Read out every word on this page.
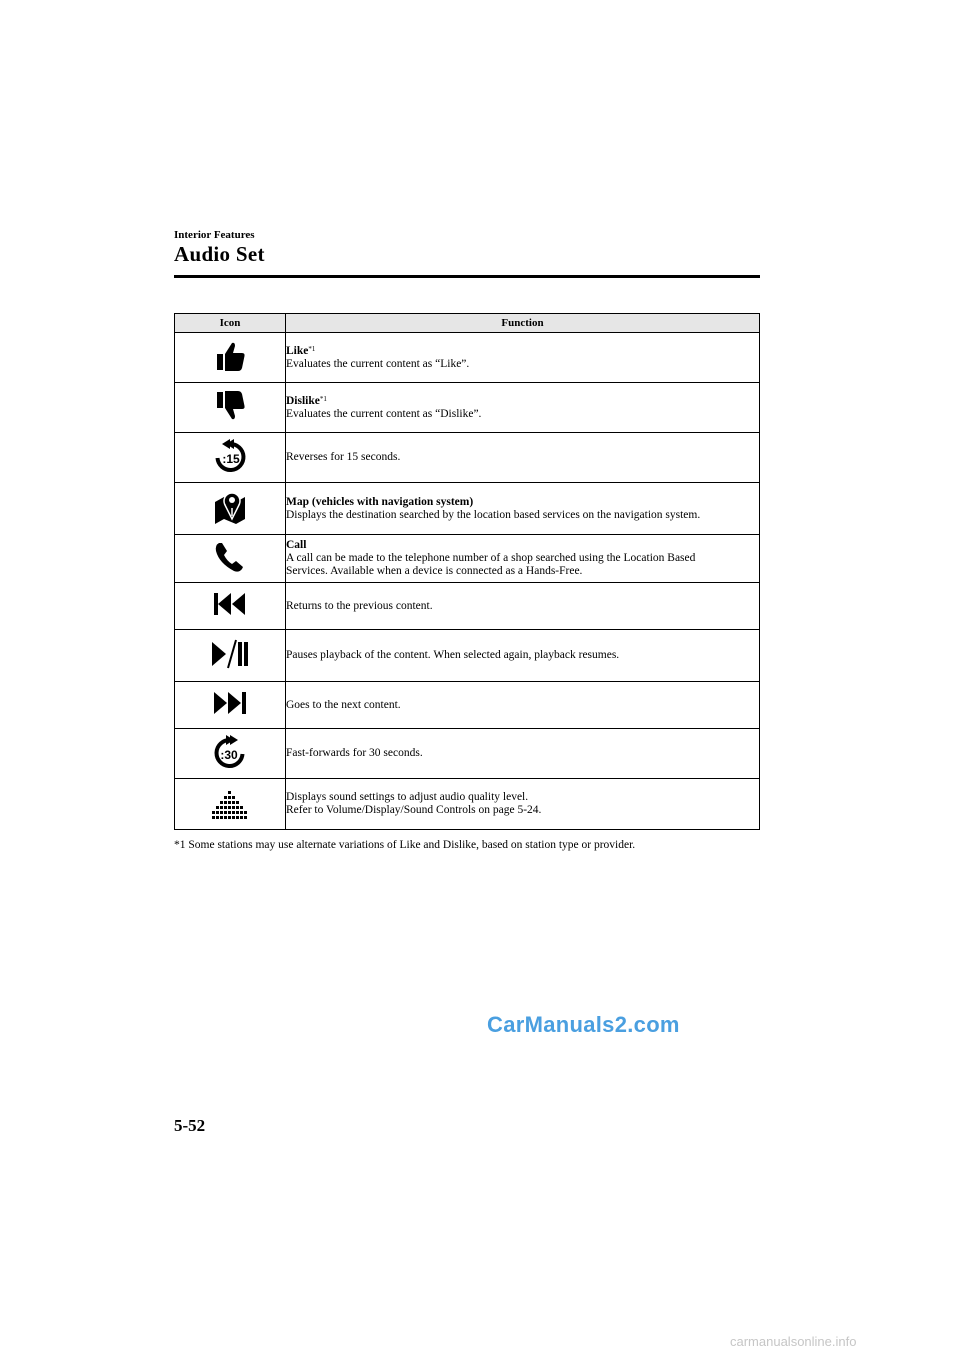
Interior Features
Audio Set
Icon	Function

Like$^{*1}$
Evaluates the current content as “Like”.

Dislike$^{*1}$
Evaluates the current content as “Dislike”.

:15	Reverses for 15 seconds.

Map (vehicles with navigation system)
Displays the destination searched by the location based services on the navigation system.

Call
A call can be made to the telephone number of a shop searched using the Location Based
Services. Available when a device is connected as a Hands-Free.

Returns to the previous content.

Pauses playback of the content. When selected again, playback resumes.

Goes to the next content.

:30	Fast-forwards for 30 seconds.

Displays sound settings to adjust audio quality level.
Refer to Volume/Display/Sound Controls on page 5-24.
*1 Some stations may use alternate variations of Like and Dislike, based on station type or provider.
CarManuals2.com
5-52
carmanualsonline.info
